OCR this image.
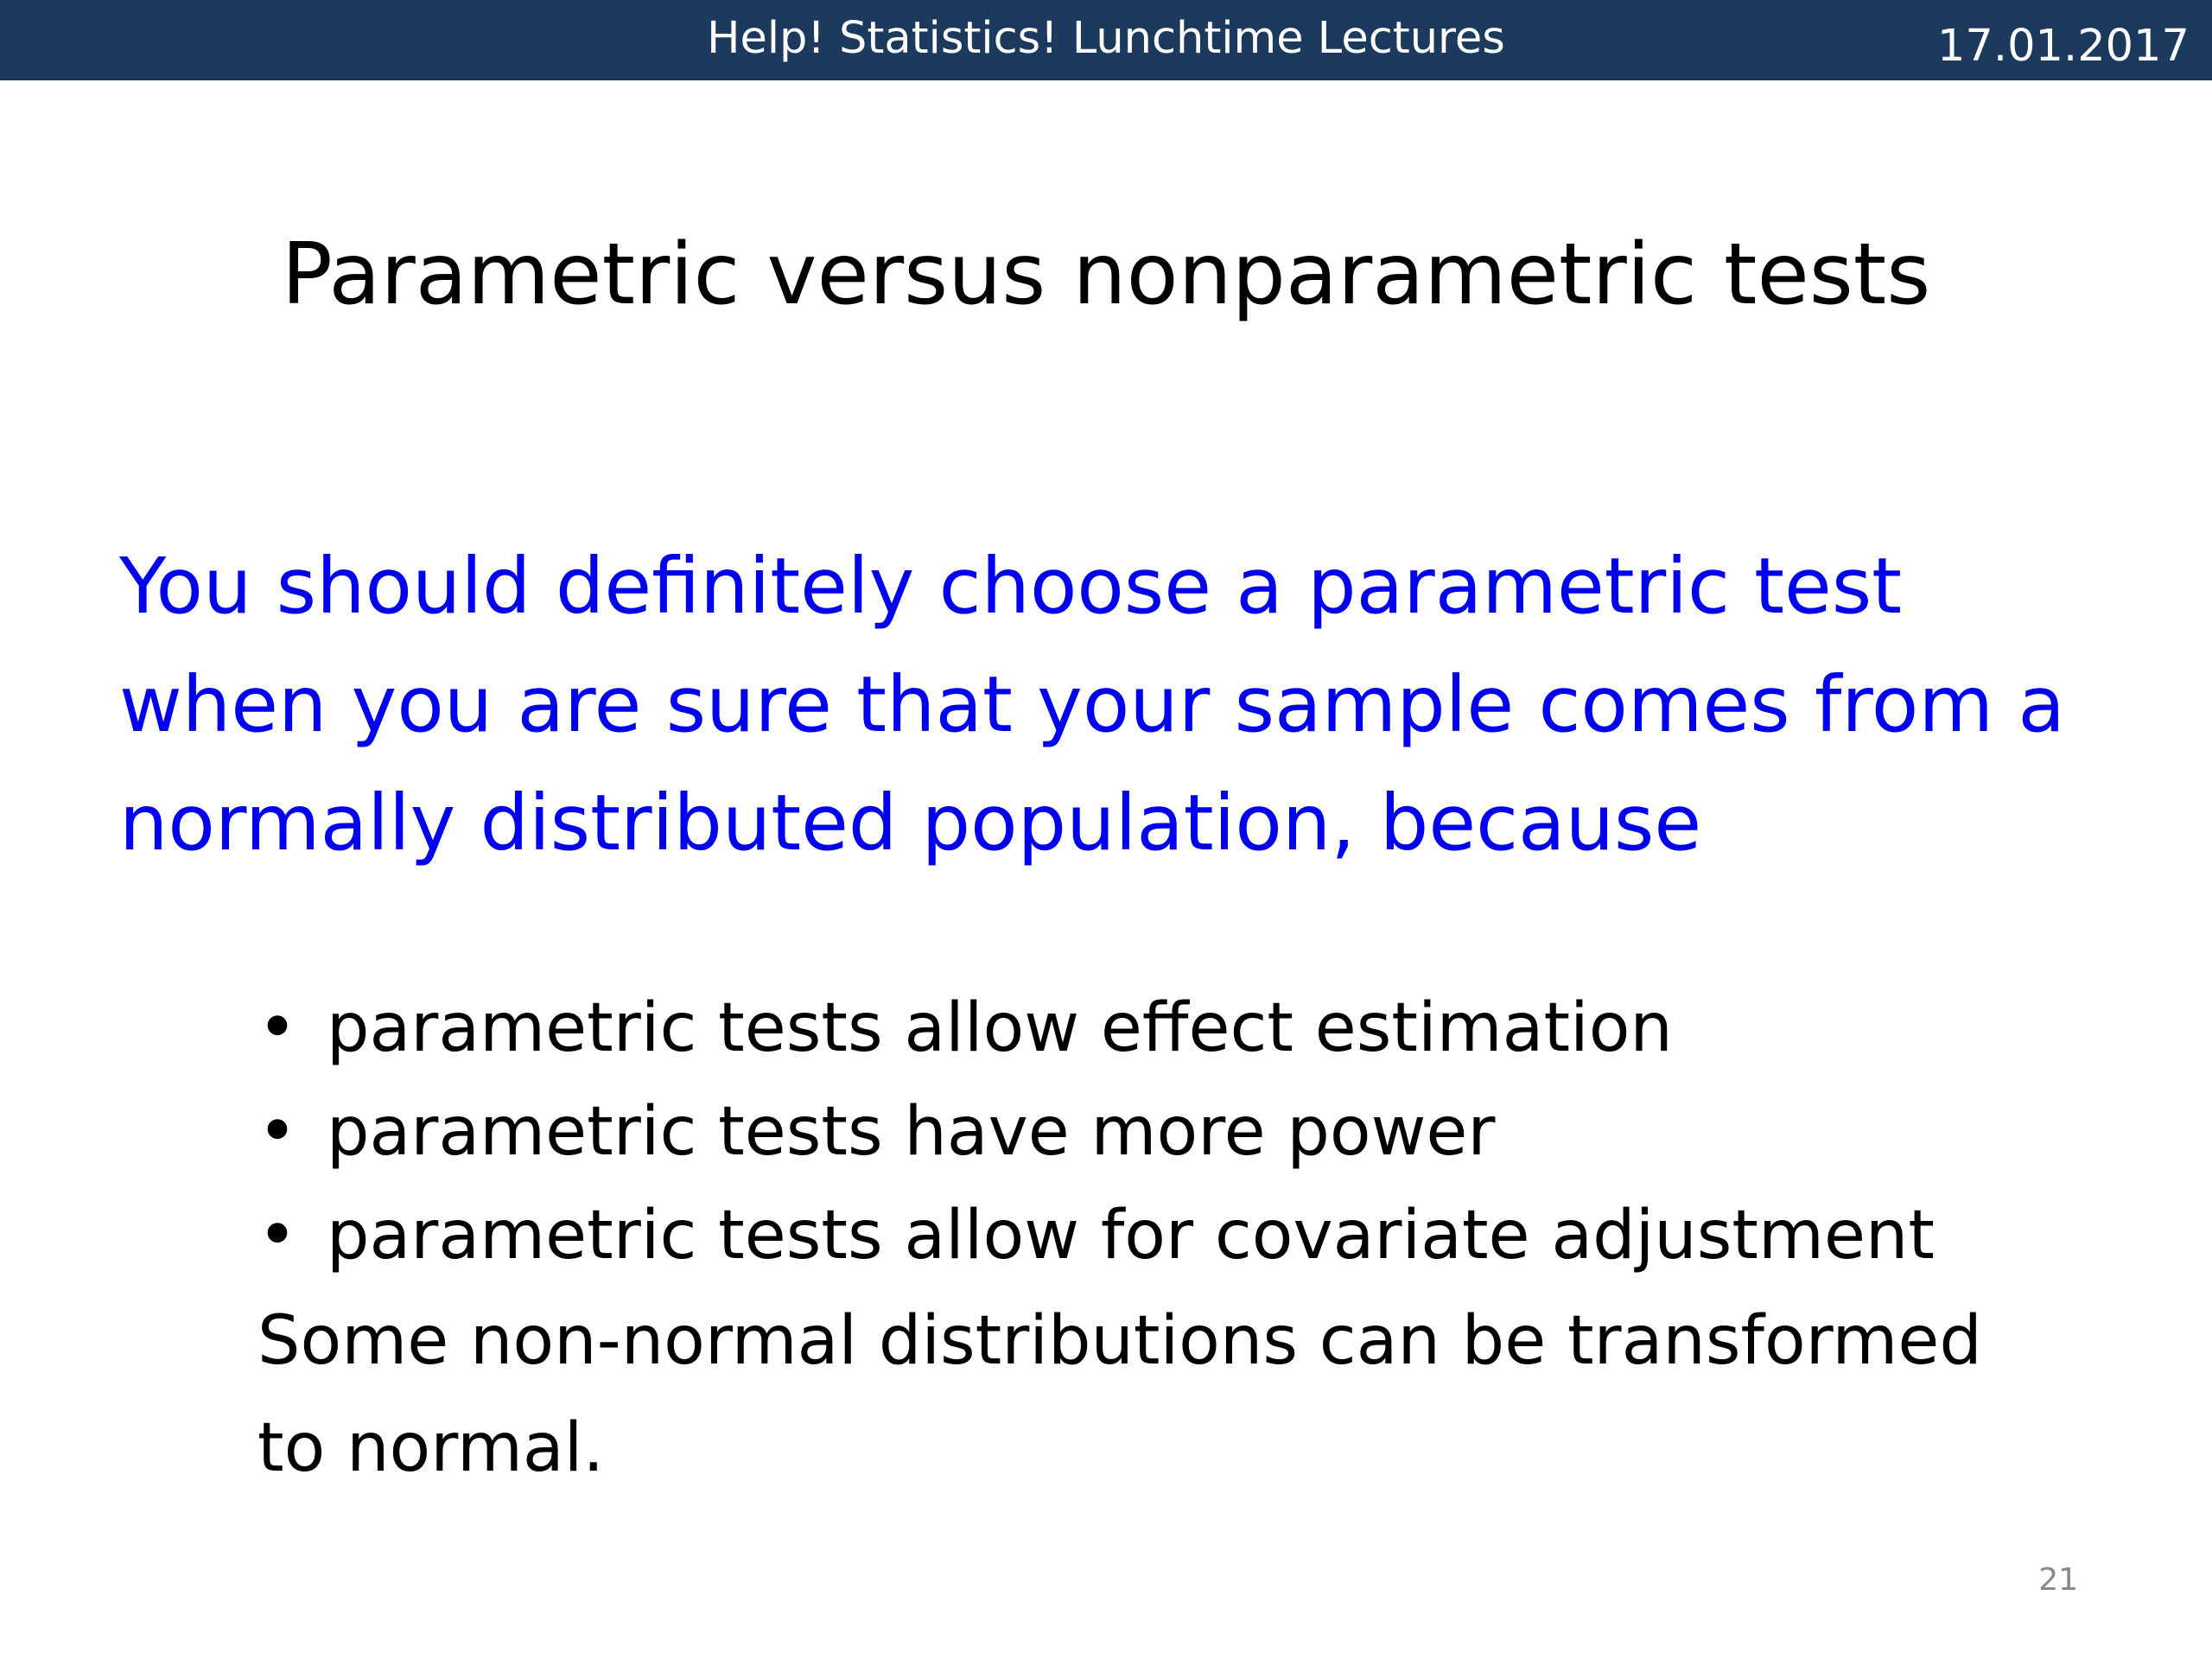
Help! Statistics! Lunchtime Lectures	17.01.2017
Parametric versus nonparametric tests
You should definitely choose a parametric test
when you are sure that your sample comes from a
normally distributed population, because
• parametric tests allow effect estimation
• parametric tests have more power
• parametric tests allow for covariate adjustment
Some non-normal distributions can be transformed
to normal.
21
